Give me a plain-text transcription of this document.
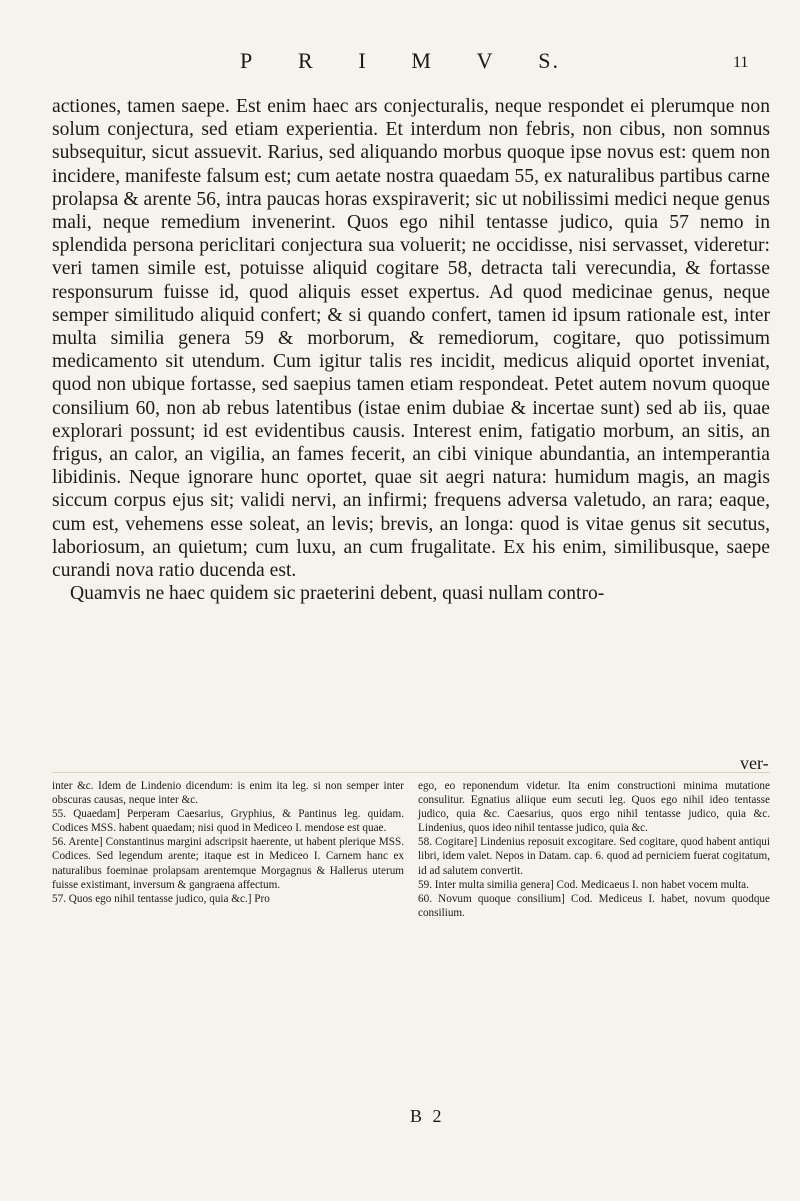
P R I M V S.	11

actiones, tamen saepe. Est enim haec ars conjecturalis, neque respondet ei plerumque non solum conjectura, sed etiam experientia. Et interdum non febris, non cibus, non somnus subsequitur, sicut assuevit. Rarius, sed aliquando morbus quoque ipse novus est: quem non incidere, manifeste falsum est; cum aetate nostra quaedam 55, ex naturalibus partibus carne prolapsa & arente 56, intra paucas horas exspiraverit; sic ut nobilissimi medici neque genus mali, neque remedium invenerint. Quos ego nihil tentasse judico, quia 57 nemo in splendida persona periclitari conjectura sua voluerit; ne occidisse, nisi servasset, videretur: veri tamen simile est, potuisse aliquid cogitare 58, detracta tali verecundia, & fortasse responsurum fuisse id, quod aliquis esset expertus. Ad quod medicinae genus, neque semper similitudo aliquid confert; & si quando confert, tamen id ipsum rationale est, inter multa similia genera 59 & morborum, & remediorum, cogitare, quo potissimum medicamento sit utendum. Cum igitur talis res incidit, medicus aliquid oportet inveniat, quod non ubique fortasse, sed saepius tamen etiam respondeat. Petet autem novum quoque consilium 60, non ab rebus latentibus (istae enim dubiae & incertae sunt) sed ab iis, quae explorari possunt; id est evidentibus causis. Interest enim, fatigatio morbum, an sitis, an frigus, an calor, an vigilia, an fames fecerit, an cibi vinique abundantia, an intemperantia libidinis. Neque ignorare hunc oportet, quae sit aegri natura: humidum magis, an magis siccum corpus ejus sit; validi nervi, an infirmi; frequens adversa valetudo, an rara; eaque, cum est, vehemens esse soleat, an levis; brevis, an longa: quod is vitae genus sit secutus, laboriosum, an quietum; cum luxu, an cum frugalitate. Ex his enim, similibusque, saepe curandi nova ratio ducenda est.

Quamvis ne haec quidem sic praeterini debent, quasi nullam contro-

ver-

inter &c. Idem de Lindenio dicendum: is enim ita leg. si non semper inter obscuras causas, neque inter &c.

55. Quaedam] Perperam Caesarius, Gryphius, & Pantinus leg. quidam. Codices MSS. habent quaedam; nisi quod in Mediceo I. mendose est quae.

56. Arente] Constantinus margini adscripsit haerente, ut habent plerique MSS. Codices. Sed legendum arente; itaque est in Mediceo I. Carnem hanc ex naturalibus foeminae prolapsam arentemque Morgagnus & Hallerus uterum fuisse existimant, inversum & gangraena affectum.

57. Quos ego nihil tentasse judico, quia &c.] Pro

ego, eo reponendum videtur. Ita enim constructioni minima mutatione consulitur. Egnatius aliique eum secuti leg. Quos ego nihil ideo tentasse judico, quia &c. Caesarius, quos ergo nihil tentasse judico, quia &c. Lindenius, quos ideo nihil tentasse judico, quia &c.

58. Cogitare] Lindenius reposuit excogitare. Sed cogitare, quod habent antiqui libri, idem valet. Nepos in Datam. cap. 6. quod ad perniciem fuerat cogitatum, id ad salutem convertit.

59. Inter multa similia genera] Cod. Medicaeus I. non habet vocem multa.

60. Novum quoque consilium] Cod. Mediceus I. habet, novum quodque consilium.

B 2
